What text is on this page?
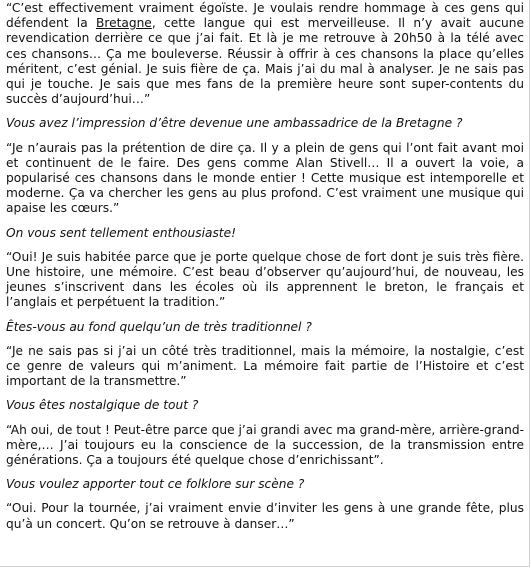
“C’est effectivement vraiment égoïste. Je voulais rendre hommage à ces gens qui défendent la Bretagne, cette langue qui est merveilleuse. Il n’y avait aucune revendication derrière ce que j’ai fait. Et là je me retrouve à 20h50 à la télé avec ces chansons… Ça me bouleverse. Réussir à offrir à ces chansons la place qu’elles méritent, c’est génial. Je suis fière de ça. Mais j’ai du mal à analyser. Je ne sais pas qui je touche. Je sais que mes fans de la première heure sont super-contents du succès d’aujourd’hui…”

Vous avez l’impression d’être devenue une ambassadrice de la Bretagne ?

“Je n’aurais pas la prétention de dire ça. Il y a plein de gens qui l’ont fait avant moi et continuent de le faire. Des gens comme Alan Stivell… Il a ouvert la voie, a popularisé ces chansons dans le monde entier ! Cette musique est intemporelle et moderne. Ça va chercher les gens au plus profond. C’est vraiment une musique qui apaise les cœurs.”

On vous sent tellement enthousiaste!

“Oui! Je suis habitée parce que je porte quelque chose de fort dont je suis très fière. Une histoire, une mémoire. C’est beau d’observer qu’aujourd’hui, de nouveau, les jeunes s’inscrivent dans les écoles où ils apprennent le breton, le français et l’anglais et perpétuent la tradition.”

Êtes-vous au fond quelqu’un de très traditionnel ?

“Je ne sais pas si j’ai un côté très traditionnel, mais la mémoire, la nostalgie, c’est ce genre de valeurs qui m’animent. La mémoire fait partie de l’Histoire et c’est important de la transmettre.”

Vous êtes nostalgique de tout ?

“Ah oui, de tout ! Peut-être parce que j’ai grandi avec ma grand-mère, arrière-grand-mère,… J’ai toujours eu la conscience de la succession, de la transmission entre générations. Ça a toujours été quelque chose d’enrichissant”.

Vous voulez apporter tout ce folklore sur scène ?

“Oui. Pour la tournée, j’ai vraiment envie d’inviter les gens à une grande fête, plus qu’à un concert. Qu’on se retrouve à danser…”
